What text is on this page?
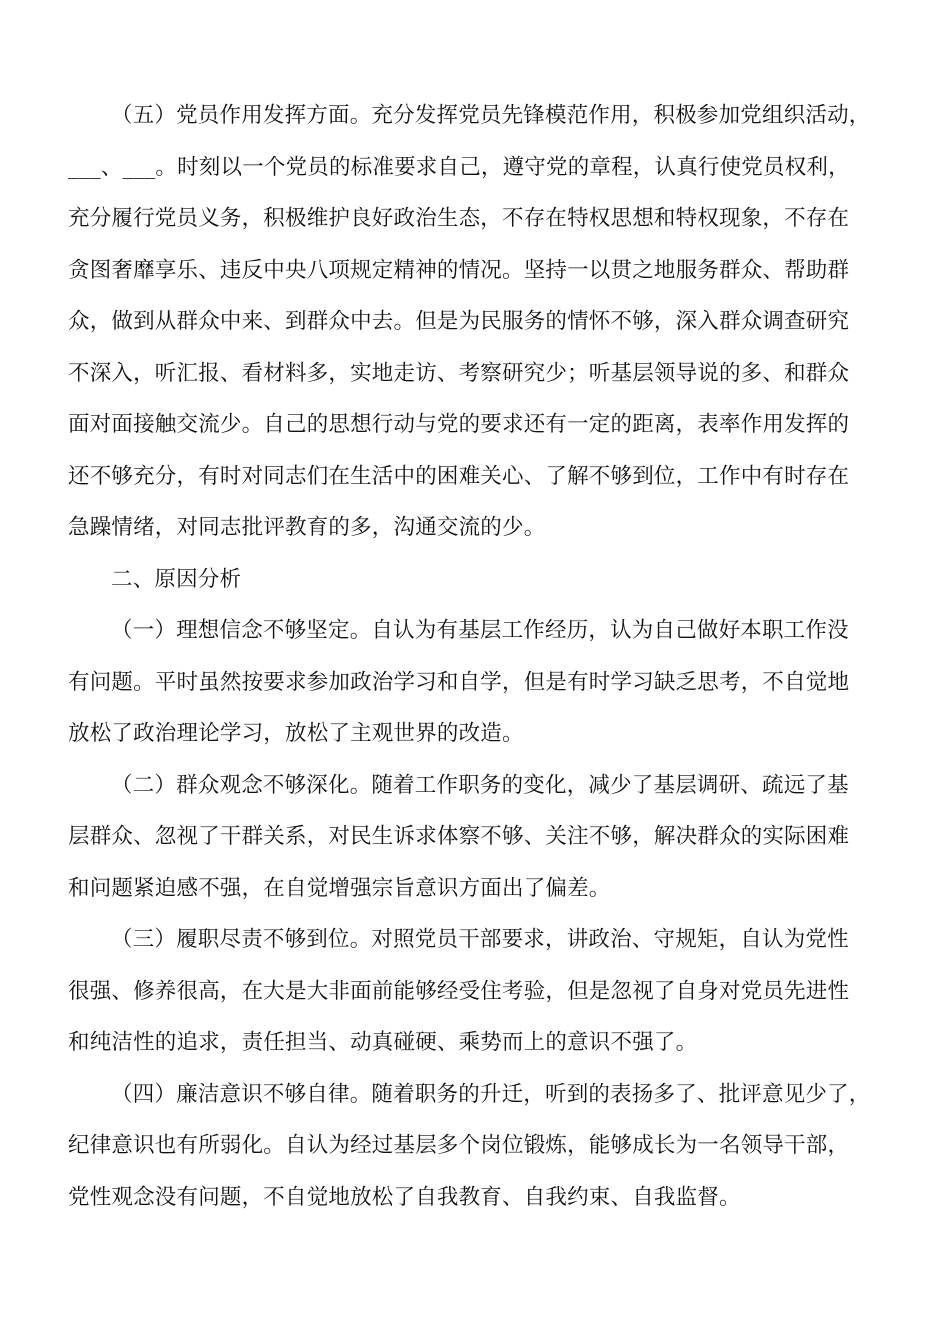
（五）党员作用发挥方面。充分发挥党员先锋模范作用，积极参加党组织活动，
___、___。时刻以一个党员的标准要求自己，遵守党的章程，认真行使党员权利，
充分履行党员义务，积极维护良好政治生态，不存在特权思想和特权现象，不存在
贪图奢靡享乐、违反中央八项规定精神的情况。坚持一以贯之地服务群众、帮助群
众，做到从群众中来、到群众中去。但是为民服务的情怀不够，深入群众调查研究
不深入，听汇报、看材料多，实地走访、考察研究少；听基层领导说的多、和群众
面对面接触交流少。自己的思想行动与党的要求还有一定的距离，表率作用发挥的
还不够充分，有时对同志们在生活中的困难关心、了解不够到位，工作中有时存在
急躁情绪，对同志批评教育的多，沟通交流的少。

二、原因分析

（一）理想信念不够坚定。自认为有基层工作经历，认为自己做好本职工作没
有问题。平时虽然按要求参加政治学习和自学，但是有时学习缺乏思考，不自觉地
放松了政治理论学习，放松了主观世界的改造。

（二）群众观念不够深化。随着工作职务的变化，减少了基层调研、疏远了基
层群众、忽视了干群关系，对民生诉求体察不够、关注不够，解决群众的实际困难
和问题紧迫感不强，在自觉增强宗旨意识方面出了偏差。

（三）履职尽责不够到位。对照党员干部要求，讲政治、守规矩，自认为党性
很强、修养很高，在大是大非面前能够经受住考验，但是忽视了自身对党员先进性
和纯洁性的追求，责任担当、动真碰硬、乘势而上的意识不强了。

（四）廉洁意识不够自律。随着职务的升迁，听到的表扬多了、批评意见少了，
纪律意识也有所弱化。自认为经过基层多个岗位锻炼，能够成长为一名领导干部，
党性观念没有问题，不自觉地放松了自我教育、自我约束、自我监督。
